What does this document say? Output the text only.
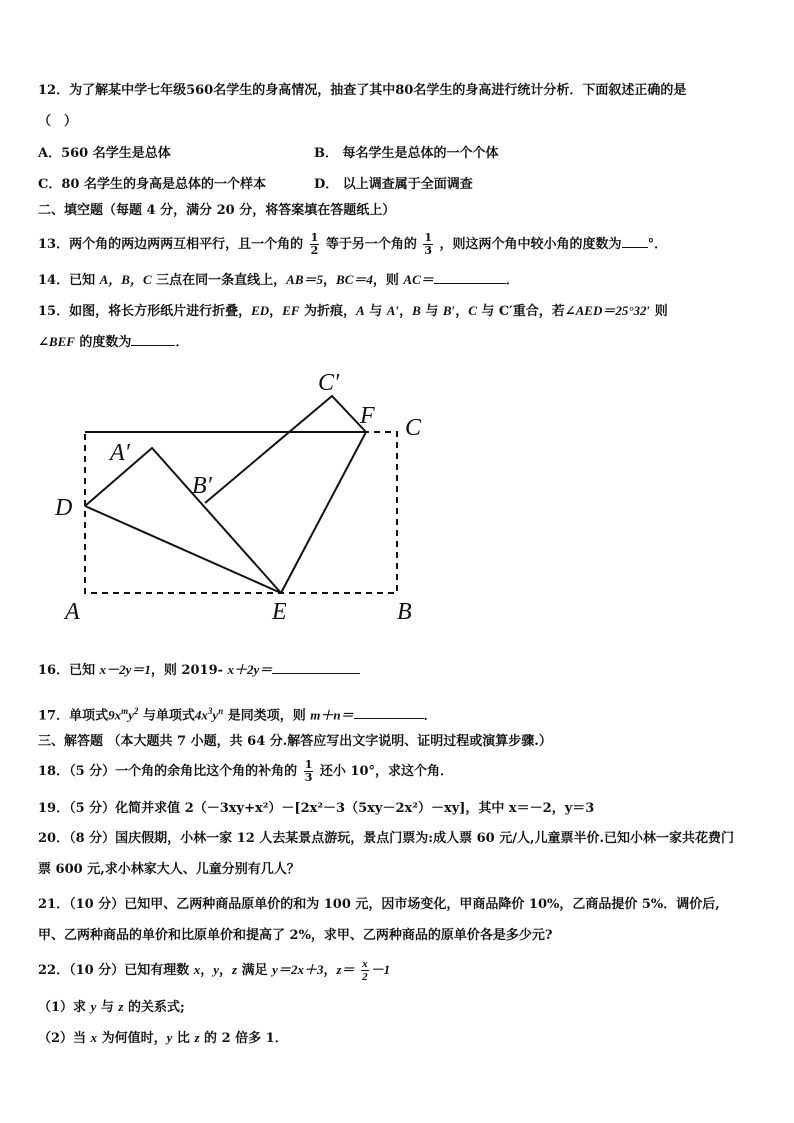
12．为了解某中学七年级560名学生的身高情况，抽查了其中80名学生的身高进行统计分析．下面叙述正确的是
（　）
A．560 名学生是总体	B． 每名学生是总体的一个个体
C．80 名学生的身高是总体的一个样本	D． 以上调查属于全面调查
二、填空题（每题 4 分，满分 20 分，将答案填在答题纸上）
13．两个角的两边两两互相平行，且一个角的 $\frac{1}{2}$ 等于另一个角的 $\frac{1}{3}$ ，则这两个角中较小角的度数为 °．
14．已知 A，B，C 三点在同一条直线上，AB＝5，BC＝4，则 AC＝	．
15．如图，将长方形纸片进行折叠，ED，EF 为折痕，A 与 A′，B 与 B′，C 与 C′重合，若∠AED＝25°32′ 则
∠BEF 的度数为	．
C′
F C
A′
B′
D
A	E	B
16．已知 x－2y＝1，则 2019- x＋2y＝
17．单项式$9x^my^2$ 与单项式$4x^3y^n$ 是同类项，则 m＋n＝	．
三、解答题 （本大题共 7 小题，共 64 分.解答应写出文字说明、证明过程或演算步骤.）
18．（5 分）一个角的余角比这个角的补角的 $\frac{1}{3}$ 还小 10°，求这个角．
19．（5 分）化简并求值 2（－3xy+x²）－[2x²－3（5xy－2x²）－xy]，其中 x＝－2，y＝3
20．（8 分）国庆假期，小林一家 12 人去某景点游玩，景点门票为:成人票 60 元/人,儿童票半价.已知小林一家共花费门
票 600 元,求小林家大人、儿童分别有几人？
21．（10 分）已知甲、乙两种商品原单价的和为 100 元，因市场变化，甲商品降价 10%，乙商品提价 5%．调价后,
甲、乙两种商品的单价和比原单价和提高了 2%，求甲、乙两种商品的原单价各是多少元?
22．（10 分）已知有理数 x，y，z 满足 y＝2x＋3，$z= \frac{x}{2} -1$
（1）求 y 与 z 的关系式;
（2）当 x 为何值时，y 比 z 的 2 倍多 1．
